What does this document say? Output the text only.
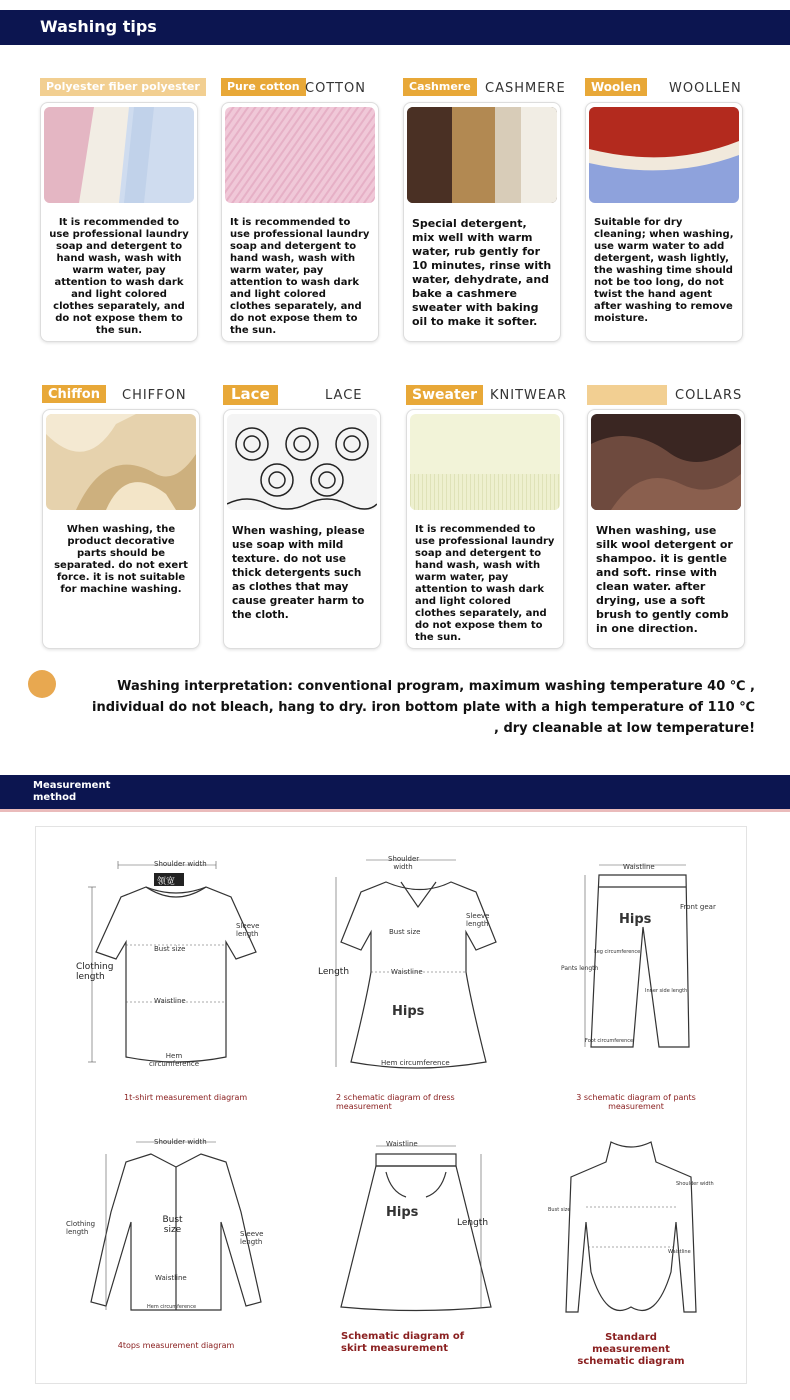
Washing tips
Polyester fiber polyester
It is recommended to use professional laundry soap and detergent to hand wash, wash with warm water, pay attention to wash dark and light colored clothes separately, and do not expose them to the sun.
Pure cotton COTTON
It is recommended to use professional laundry soap and detergent to hand wash, wash with warm water, pay attention to wash dark and light colored clothes separately, and do not expose them to the sun.
Cashmere	CASHMERE
Special detergent, mix well with warm water, rub gently for 10 minutes, rinse with water, dehydrate, and bake a cashmere sweater with baking oil to make it softer.
Woolen	WOOLLEN
Suitable for dry cleaning; when washing, use warm water to add detergent, wash lightly, the washing time should not be too long, do not twist the hand agent after washing to remove moisture.
Chiffon	CHIFFON
When washing, the product decorative parts should be separated. do not exert force. it is not suitable for machine washing.
Lace	LACE
When washing, please use soap with mild texture. do not use thick detergents such as clothes that may cause greater harm to the cloth.
Sweater KNITWEAR
It is recommended to use professional laundry soap and detergent to hand wash, wash with warm water, pay attention to wash dark and light colored clothes separately, and do not expose them to the sun.
COLLARS
When washing, use silk wool detergent or shampoo. it is gentle and soft. rinse with clean water. after drying, use a soft brush to gently comb in one direction.
Washing interpretation: conventional program, maximum washing temperature 40 ℃ , individual do not bleach, hang to dry. iron bottom plate with a high temperature of 110 ℃ , dry cleanable at low temperature!
Measurement method
Shoulder width
领宽
Sleeve length
Clothing length
Bust size
Waistline
Hem circumference
1t-shirt measurement diagram
Shoulder width
Sleeve length
Length
Bust size
Waistline
Hips
Hem circumference
2 schematic diagram of dress measurement
Waistline
Hips
Front gear
Leg circumference
Pants length
Inner side length
Foot circumference
3 schematic diagram of pants measurement
Shoulder width
Clothing length
Bust size	Sleeve length
Waistline
Hem circumference
4tops measurement diagram
Waistline
Hips
Length
Schematic diagram of skirt measurement
Shoulder width
Bust size
Waistline
Standard measurement schematic diagram
